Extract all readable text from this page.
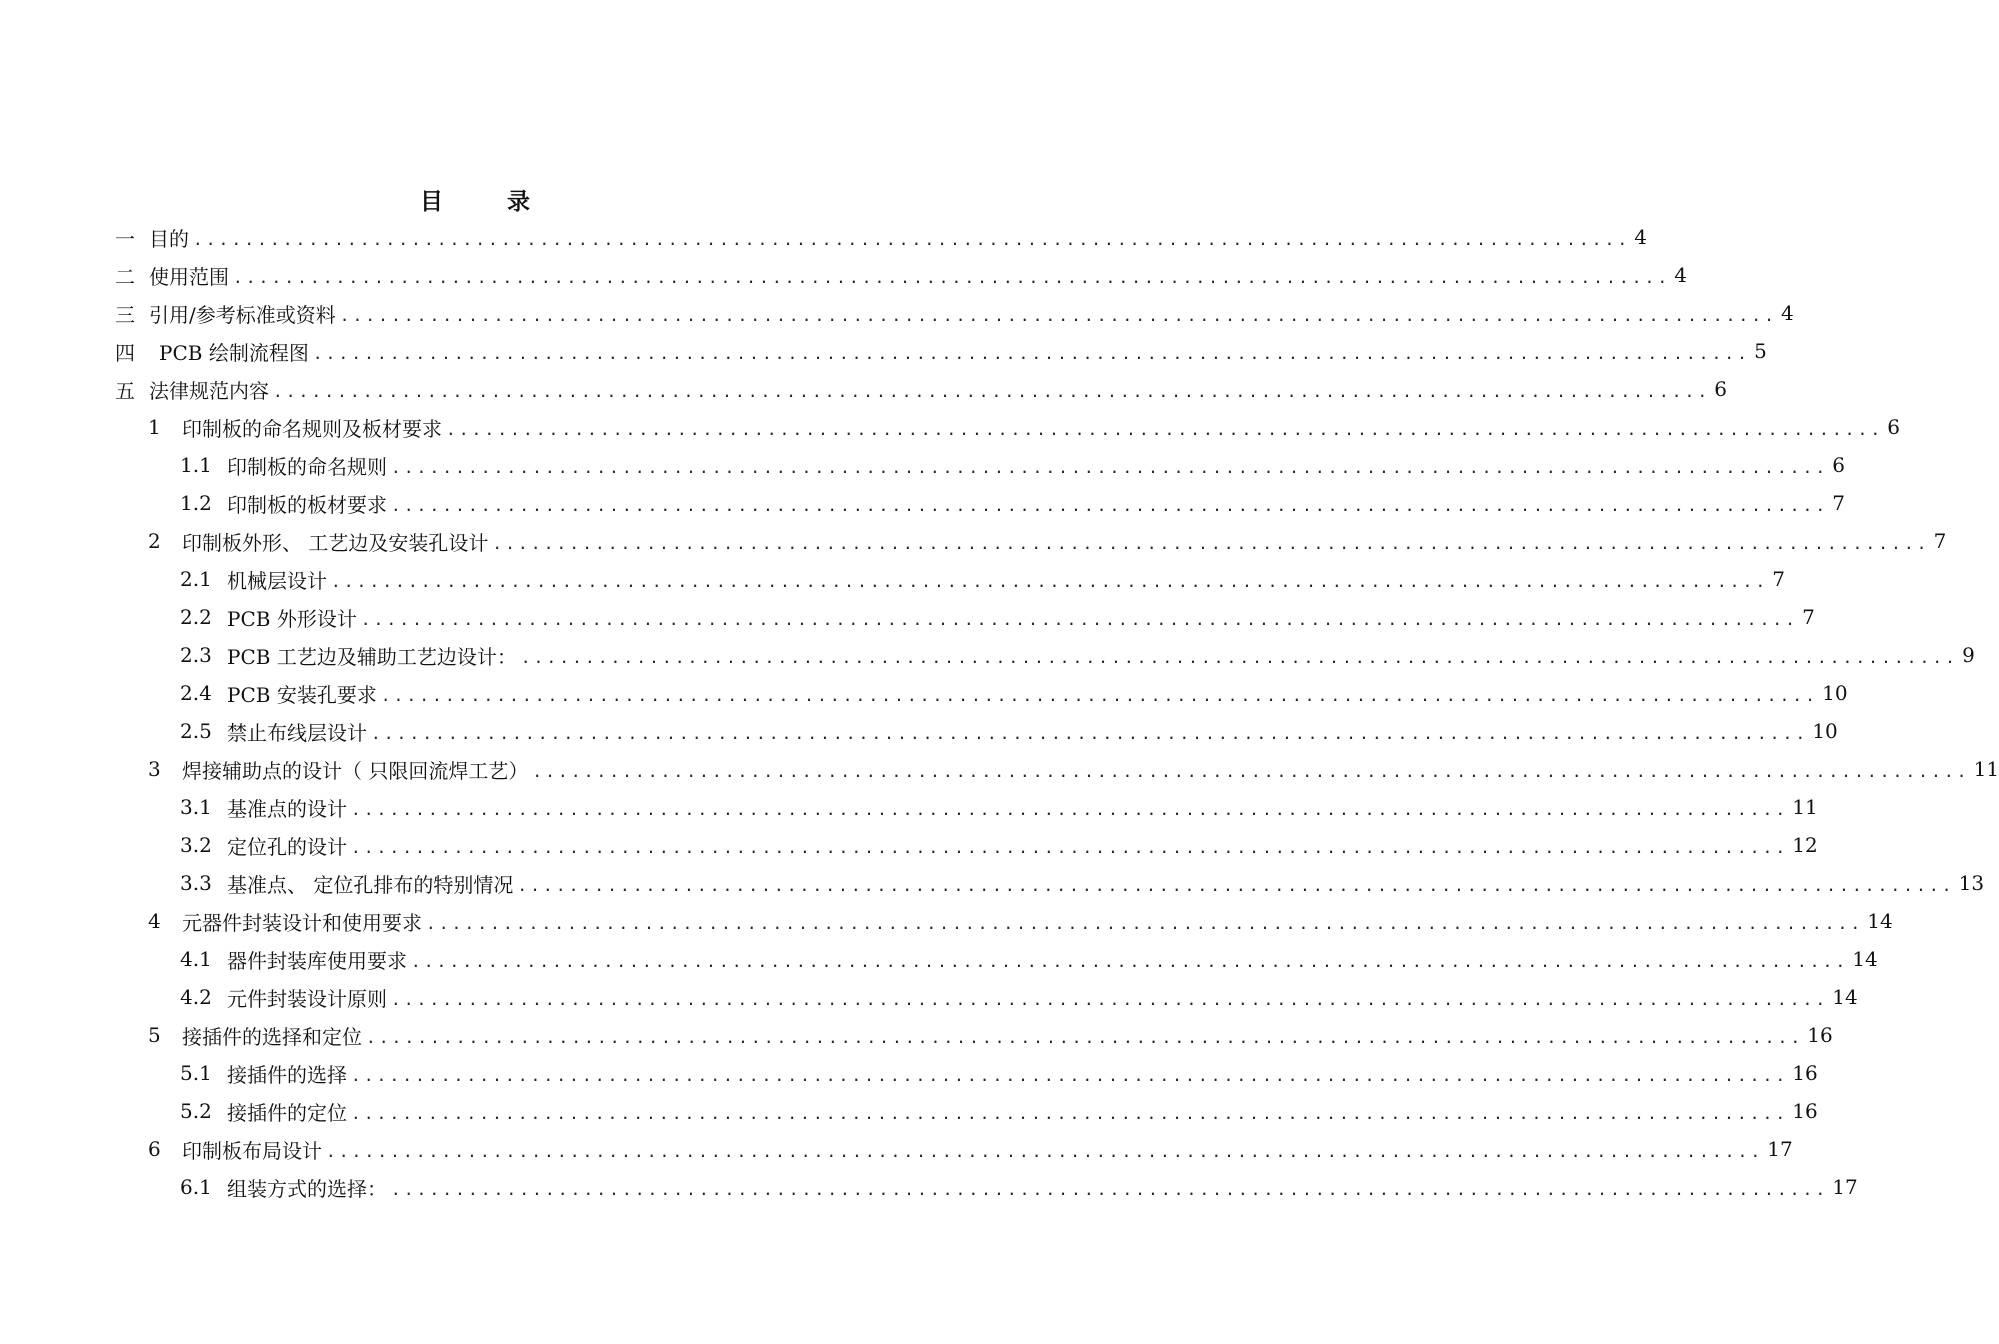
目 录
一 目的 ................................................................................................................ 4
二 使用范围 ................................................................................................................ 4
三 引用/参考标准或资料 ................................................................................................................ 4
四	PCB 绘制流程图 ................................................................................................................ 5
五 法律规范内容 ................................................................................................................ 6
1	印制板的命名规则及板材要求 ................................................................................................................ 6
1.1 印制板的命名规则 ................................................................................................................ 6
1.2 印制板的板材要求 ................................................................................................................ 7
2	印制板外形、 工艺边及安装孔设计 ................................................................................................................ 7
2.1 机械层设计 ................................................................................................................ 7
2.2 PCB 外形设计 ................................................................................................................ 7
2.3 PCB 工艺边及辅助工艺边设计： ................................................................................................................ 9
2.4 PCB 安装孔要求 ................................................................................................................ 10
2.5 禁止布线层设计 ................................................................................................................ 10
3	焊接辅助点的设计（ 只限回流焊工艺） ................................................................................................................ 11
3.1 基准点的设计 ................................................................................................................ 11
3.2 定位孔的设计 ................................................................................................................ 12
3.3 基准点、 定位孔排布的特别情况 ................................................................................................................ 13
4	元器件封装设计和使用要求 ................................................................................................................ 14
4.1 器件封装库使用要求 ................................................................................................................ 14
4.2 元件封装设计原则 ................................................................................................................ 14
5	接插件的选择和定位 ................................................................................................................ 16
5.1 接插件的选择 ................................................................................................................ 16
5.2 接插件的定位 ................................................................................................................ 16
6	印制板布局设计 ................................................................................................................ 17
6.1 组装方式的选择： ................................................................................................................ 17
